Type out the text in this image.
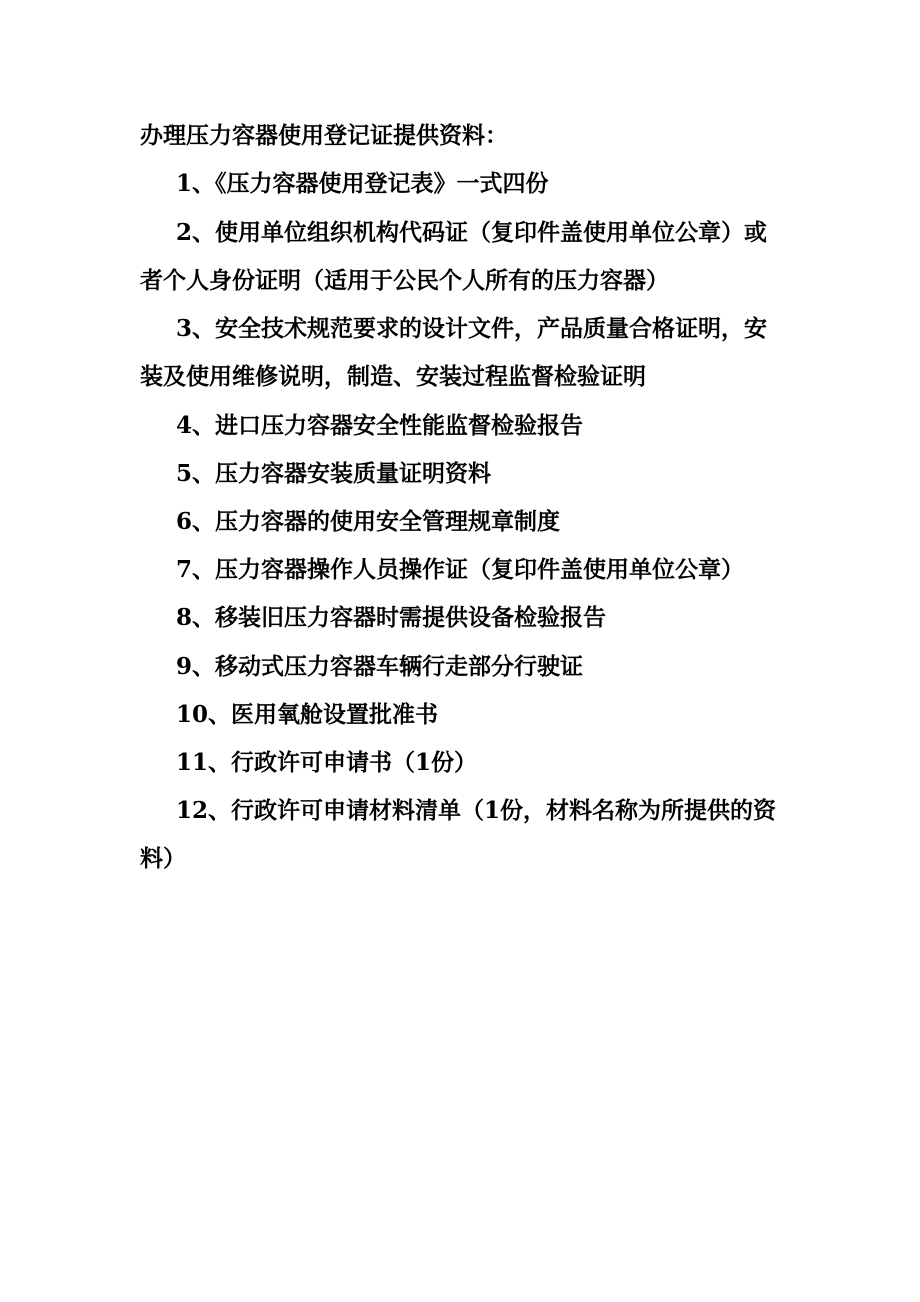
办理压力容器使用登记证提供资料：

1、《压力容器使用登记表》一式四份

2、使用单位组织机构代码证（复印件盖使用单位公章）或者个人身份证明（适用于公民个人所有的压力容器）

3、安全技术规范要求的设计文件，产品质量合格证明，安装及使用维修说明，制造、安装过程监督检验证明

4、进口压力容器安全性能监督检验报告

5、压力容器安装质量证明资料

6、压力容器的使用安全管理规章制度

7、压力容器操作人员操作证（复印件盖使用单位公章）

8、移装旧压力容器时需提供设备检验报告

9、移动式压力容器车辆行走部分行驶证

10、医用氧舱设置批准书

11、行政许可申请书（1份）

12、行政许可申请材料清单（1份，材料名称为所提供的资料）
